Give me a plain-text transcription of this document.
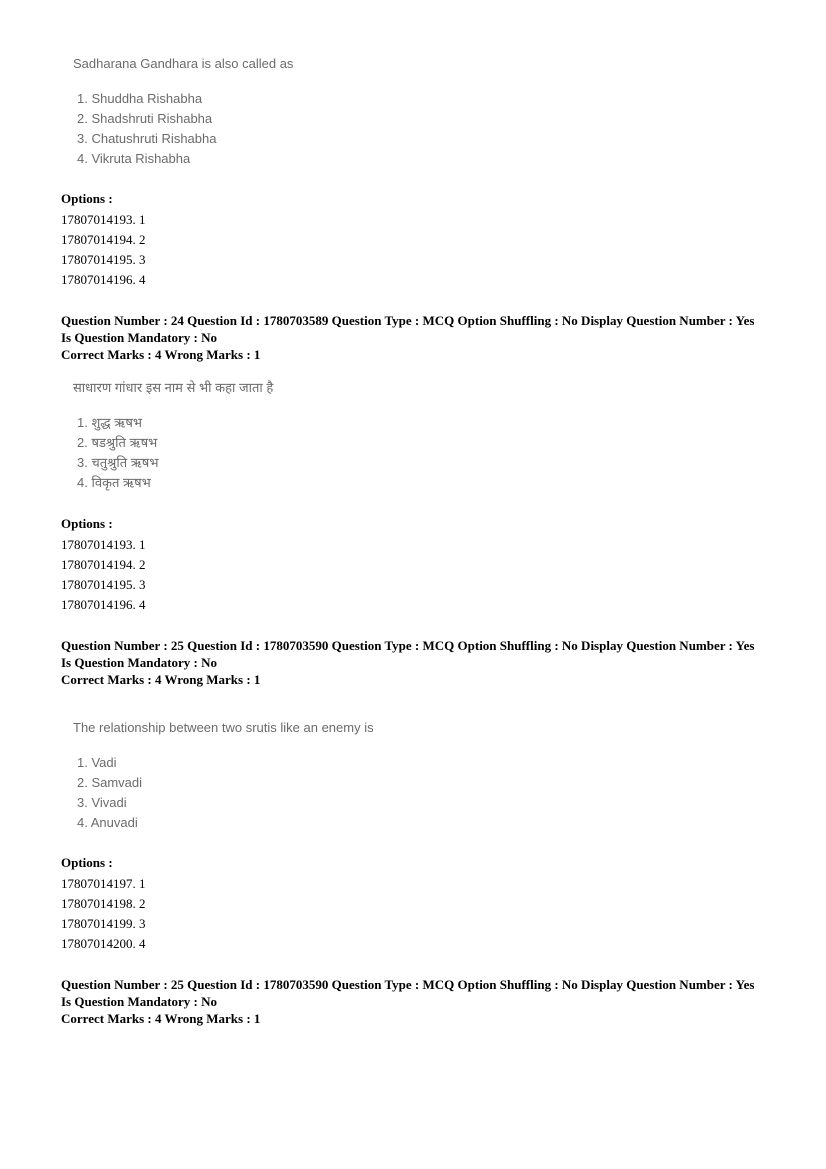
Sadharana Gandhara is also called as

1. Shuddha Rishabha
2. Shadshruti Rishabha
3. Chatushruti Rishabha
4. Vikruta Rishabha
Options :
17807014193. 1
17807014194. 2
17807014195. 3
17807014196. 4
Question Number : 24 Question Id : 1780703589 Question Type : MCQ Option Shuffling : No Display Question Number : Yes
Is Question Mandatory : No
Correct Marks : 4 Wrong Marks : 1

साधारण गांधार इस नाम से भी कहा जाता है

1. शुद्ध ऋषभ
2. षडश्रुति ऋषभ
3. चतुश्रुति ऋषभ
4. विकृत ऋषभ
Options :
17807014193. 1
17807014194. 2
17807014195. 3
17807014196. 4
Question Number : 25 Question Id : 1780703590 Question Type : MCQ Option Shuffling : No Display Question Number : Yes
Is Question Mandatory : No
Correct Marks : 4 Wrong Marks : 1

The relationship between two srutis like an enemy is

1. Vadi
2. Samvadi
3. Vivadi
4. Anuvadi
Options :
17807014197. 1
17807014198. 2
17807014199. 3
17807014200. 4
Question Number : 25 Question Id : 1780703590 Question Type : MCQ Option Shuffling : No Display Question Number : Yes
Is Question Mandatory : No
Correct Marks : 4 Wrong Marks : 1
